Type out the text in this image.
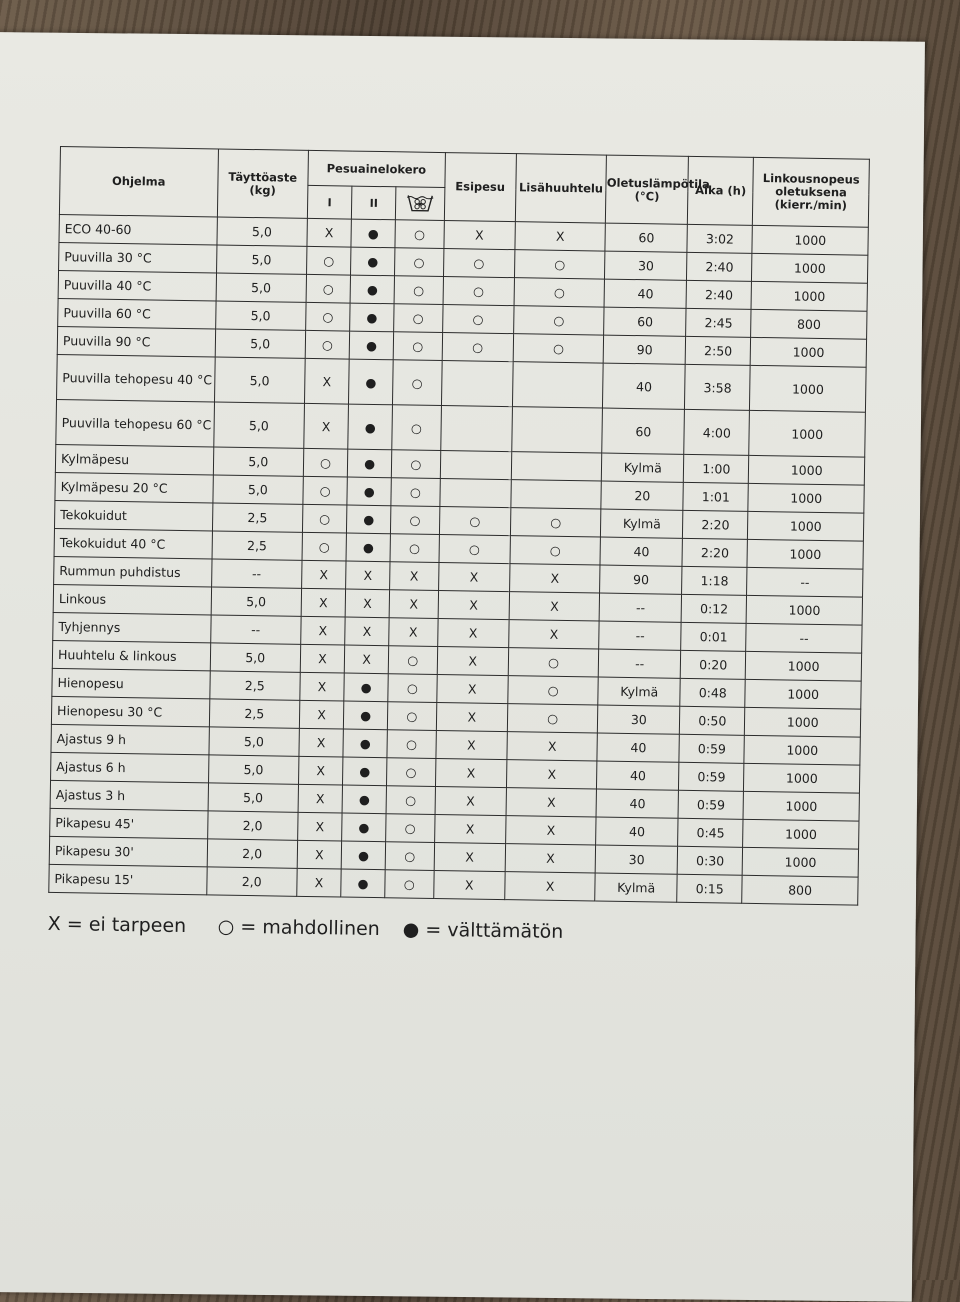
Ohjelma	Täyttöaste (kg)	Pesuainelokero			Esipesu	Lisähuuhtelu	Oletuslämpötila (°C)	Aika (h)	Linkousnopeus oletuksena (kierr./min)
		I	II	
ECO 40-60	5,0	X	●	○	X	X	60	3:02	1000
Puuvilla 30 °C	5,0	○	●	○	○	○	30	2:40	1000
Puuvilla 40 °C	5,0	○	●	○	○	○	40	2:40	1000
Puuvilla 60 °C	5,0	○	●	○	○	○	60	2:45	800
Puuvilla 90 °C	5,0	○	●	○	○	○	90	2:50	1000
Puuvilla tehopesu 40 °C	5,0	X	●	○			40	3:58	1000
Puuvilla tehopesu 60 °C	5,0	X	●	○			60	4:00	1000
Kylmäpesu	5,0	○	●	○			Kylmä	1:00	1000
Kylmäpesu 20 °C	5,0	○	●	○			20	1:01	1000
Tekokuidut	2,5	○	●	○	○	○	Kylmä	2:20	1000
Tekokuidut 40 °C	2,5	○	●	○	○	○	40	2:20	1000
Rummun puhdistus	--	X	X	X	X	X	90	1:18	--
Linkous	5,0	X	X	X	X	X	--	0:12	1000
Tyhjennys	--	X	X	X	X	X	--	0:01	--
Huuhtelu & linkous	5,0	X	X	○	X	○	--	0:20	1000
Hienopesu	2,5	X	●	○	X	○	Kylmä	0:48	1000
Hienopesu 30 °C	2,5	X	●	○	X	○	30	0:50	1000
Ajastus 9 h	5,0	X	●	○	X	X	40	0:59	1000
Ajastus 6 h	5,0	X	●	○	X	X	40	0:59	1000
Ajastus 3 h	5,0	X	●	○	X	X	40	0:59	1000
Pikapesu 45'	2,0	X	●	○	X	X	40	0:45	1000
Pikapesu 30'	2,0	X	●	○	X	X	30	0:30	1000
Pikapesu 15'	2,0	X	●	○	X	X	Kylmä	0:15	800
X = ei tarpeen	○ = mahdollinen	● = välttämätön
